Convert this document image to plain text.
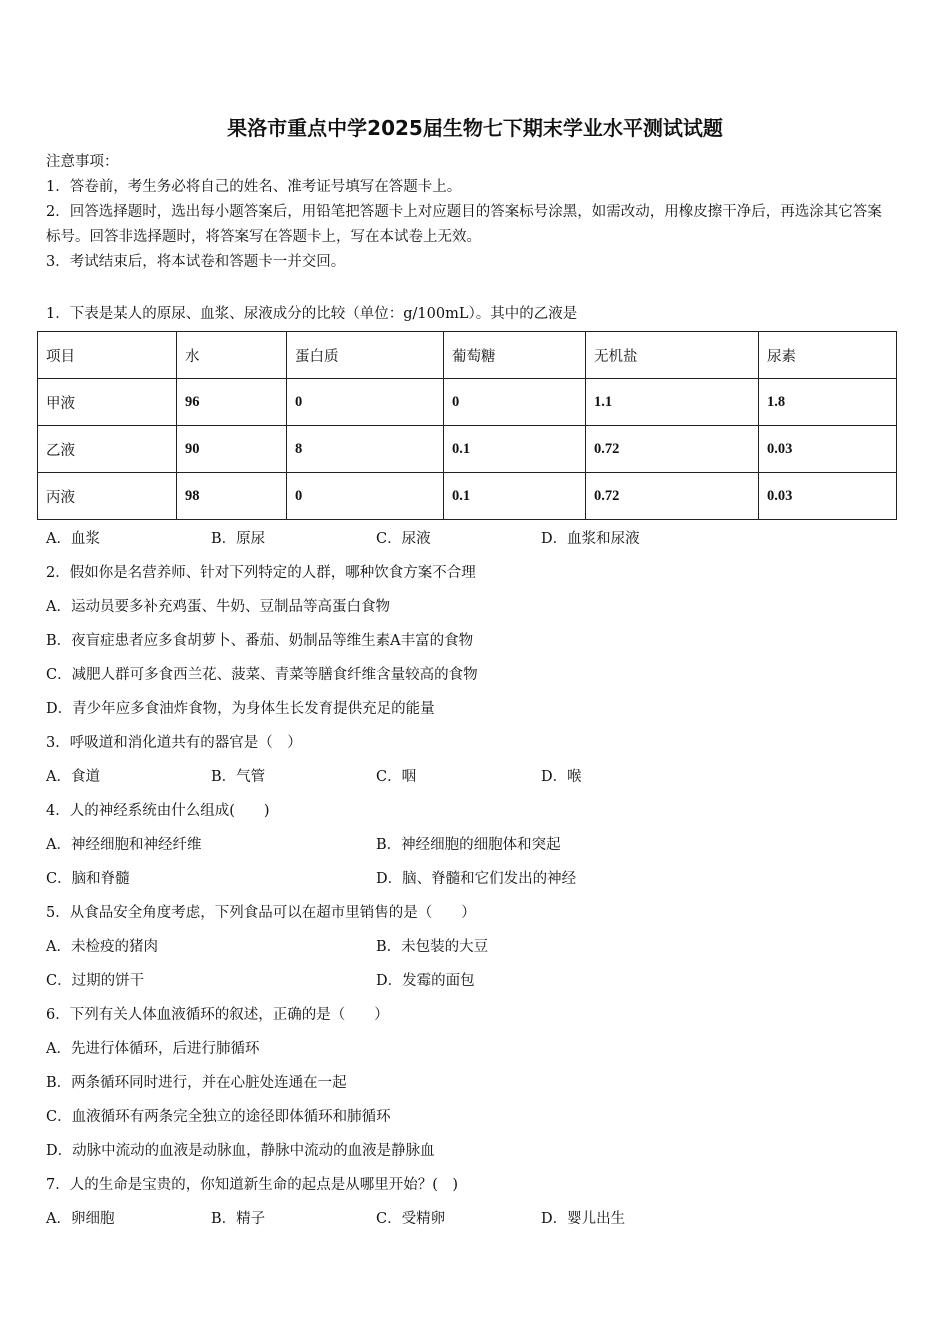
果洛市重点中学2025届生物七下期末学业水平测试试题
注意事项：
1．答卷前，考生务必将自己的姓名、准考证号填写在答题卡上。
2．回答选择题时，选出每小题答案后，用铅笔把答题卡上对应题目的答案标号涂黑，如需改动，用橡皮擦干净后，再选涂其它答案标号。回答非选择题时，将答案写在答题卡上，写在本试卷上无效。
3．考试结束后，将本试卷和答题卡一并交回。
1．下表是某人的原尿、血浆、尿液成分的比较（单位：g/100mL）。其中的乙液是
项目	水	蛋白质	葡萄糖	无机盐	尿素
甲液	96	0	0	1.1	1.8
乙液	90	8	0.1	0.72	0.03
丙液	98	0	0.1	0.72	0.03
A．血浆	B．原尿	C．尿液	D．血浆和尿液
2．假如你是名营养师、针对下列特定的人群，哪种饮食方案不合理
A．运动员要多补充鸡蛋、牛奶、豆制品等高蛋白食物
B．夜盲症患者应多食胡萝卜、番茄、奶制品等维生素A丰富的食物
C．减肥人群可多食西兰花、菠菜、青菜等膳食纤维含量较高的食物
D．青少年应多食油炸食物，为身体生长发育提供充足的能量
3．呼吸道和消化道共有的器官是（　）
A．食道	B．气管	C．咽	D．喉
4．人的神经系统由什么组成(　　)
A．神经细胞和神经纤维	B．神经细胞的细胞体和突起
C．脑和脊髓	D．脑、脊髓和它们发出的神经
5．从食品安全角度考虑，下列食品可以在超市里销售的是（　　）
A．未检疫的猪肉	B．未包装的大豆
C．过期的饼干	D．发霉的面包
6．下列有关人体血液循环的叙述，正确的是（　　）
A．先进行体循环，后进行肺循环
B．两条循环同时进行，并在心脏处连通在一起
C．血液循环有两条完全独立的途径即体循环和肺循环
D．动脉中流动的血液是动脉血，静脉中流动的血液是静脉血
7．人的生命是宝贵的，你知道新生命的起点是从哪里开始？(　)
A．卵细胞	B．精子	C．受精卵	D．婴儿出生
